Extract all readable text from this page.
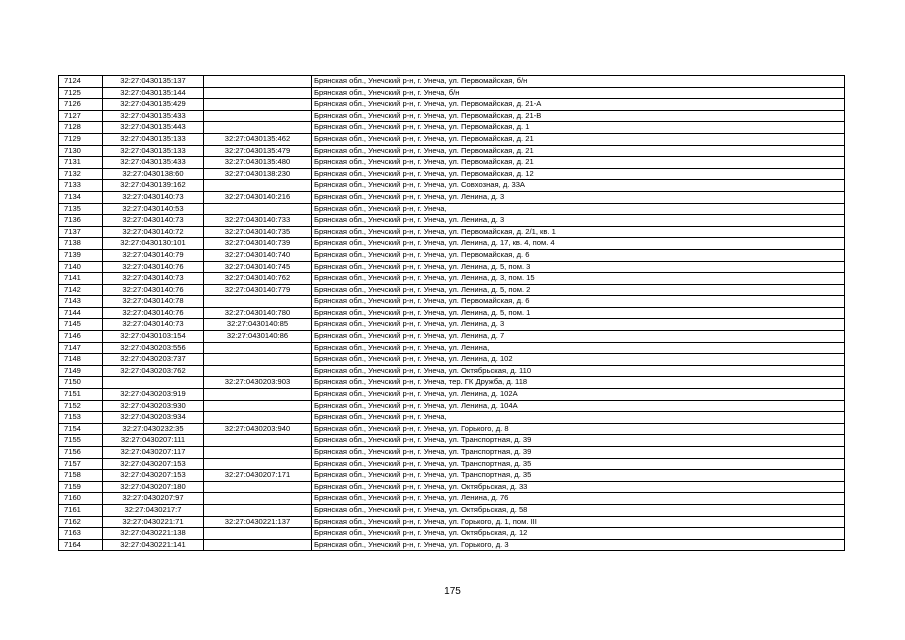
7124	32:27:0430135:137		Брянская обл., Унечский р-н, г. Унеча, ул. Первомайская, б/н
7125	32:27:0430135:144		Брянская обл., Унечский р-н, г. Унеча, б/н
7126	32:27:0430135:429		Брянская обл., Унечский р-н, г. Унеча, ул. Первомайская, д. 21-А
7127	32:27:0430135:433		Брянская обл., Унечский р-н, г. Унеча, ул. Первомайская, д. 21-В
7128	32:27:0430135:443		Брянская обл., Унечский р-н, г. Унеча, ул. Первомайская, д. 1
7129	32:27:0430135:133	32:27:0430135:462	Брянская обл., Унечский р-н, г. Унеча, ул. Первомайская, д. 21
7130	32:27:0430135:133	32:27:0430135:479	Брянская обл., Унечский р-н, г. Унеча, ул. Первомайская, д. 21
7131	32:27:0430135:433	32:27:0430135:480	Брянская обл., Унечский р-н, г. Унеча, ул. Первомайская, д. 21
7132	32:27:0430138:60	32:27:0430138:230	Брянская обл., Унечский р-н, г. Унеча, ул. Первомайская, д. 12
7133	32:27:0430139:162		Брянская обл., Унечский р-н, г. Унеча, ул. Совхозная, д. 33А
7134	32:27:0430140:73	32:27:0430140:216	Брянская обл., Унечский р-н, г. Унеча, ул. Ленина, д. 3
7135	32:27:0430140:53		Брянская обл., Унечский р-н, г. Унеча,
7136	32:27:0430140:73	32:27:0430140:733	Брянская обл., Унечский р-н, г. Унеча, ул. Ленина, д. 3
7137	32:27:0430140:72	32:27:0430140:735	Брянская обл., Унечский р-н, г. Унеча, ул. Первомайская, д. 2/1, кв. 1
7138	32:27:0430130:101	32:27:0430140:739	Брянская обл., Унечский р-н, г. Унеча, ул. Ленина, д. 17, кв. 4, пом. 4
7139	32:27:0430140:79	32:27:0430140:740	Брянская обл., Унечский р-н, г. Унеча, ул. Первомайская, д. 6
7140	32:27:0430140:76	32:27:0430140:745	Брянская обл., Унечский р-н, г. Унеча, ул. Ленина, д. 5, пом. 3
7141	32:27:0430140:73	32:27:0430140:762	Брянская обл., Унечский р-н, г. Унеча, ул. Ленина, д. 3, пом. 15
7142	32:27:0430140:76	32:27:0430140:779	Брянская обл., Унечский р-н, г. Унеча, ул. Ленина, д. 5, пом. 2
7143	32:27:0430140:78		Брянская обл., Унечский р-н, г. Унеча, ул. Первомайская, д. 6
7144	32:27:0430140:76	32:27:0430140:780	Брянская обл., Унечский р-н, г. Унеча, ул. Ленина, д. 5, пом. 1
7145	32:27:0430140:73	32:27:0430140:85	Брянская обл., Унечский р-н, г. Унеча, ул. Ленина, д. 3
7146	32:27:0430103:154	32:27:0430140:86	Брянская обл., Унечский р-н, г. Унеча, ул. Ленина, д. 7
7147	32:27:0430203:556		Брянская обл., Унечский р-н, г. Унеча, ул. Ленина,
7148	32:27:0430203:737		Брянская обл., Унечский р-н, г. Унеча, ул. Ленина, д. 102
7149	32:27:0430203:762		Брянская обл., Унечский р-н, г. Унеча, ул. Октябрьская, д. 110
7150		32:27:0430203:903	Брянская обл., Унечский р-н, г. Унеча, тер. ГК Дружба, д. 118
7151	32:27:0430203:919		Брянская обл., Унечский р-н, г. Унеча, ул. Ленина, д. 102А
7152	32:27:0430203:930		Брянская обл., Унечский р-н, г. Унеча, ул. Ленина, д. 104А
7153	32:27:0430203:934		Брянская обл., Унечский р-н, г. Унеча,
7154	32:27:0430232:35	32:27:0430203:940	Брянская обл., Унечский р-н, г. Унеча, ул. Горького, д. 8
7155	32:27:0430207:111		Брянская обл., Унечский р-н, г. Унеча, ул. Транспортная, д. 39
7156	32:27:0430207:117		Брянская обл., Унечский р-н, г. Унеча, ул. Транспортная, д. 39
7157	32:27:0430207:153		Брянская обл., Унечский р-н, г. Унеча, ул. Транспортная, д. 35
7158	32:27:0430207:153	32:27:0430207:171	Брянская обл., Унечский р-н, г. Унеча, ул. Транспортная, д. 35
7159	32:27:0430207:180		Брянская обл., Унечский р-н, г. Унеча, ул. Октябрьская, д. 33
7160	32:27:0430207:97		Брянская обл., Унечский р-н, г. Унеча, ул. Ленина, д. 76
7161	32:27:0430217:7		Брянская обл., Унечский р-н, г. Унеча, ул. Октябрьская, д. 58
7162	32:27:0430221:71	32:27:0430221:137	Брянская обл., Унечский р-н, г. Унеча, ул. Горького, д. 1, пом. III
7163	32:27:0430221:138		Брянская обл., Унечский р-н, г. Унеча, ул. Октябрьская, д. 12
7164	32:27:0430221:141		Брянская обл., Унечский р-н, г. Унеча, ул. Горького, д. 3
175
